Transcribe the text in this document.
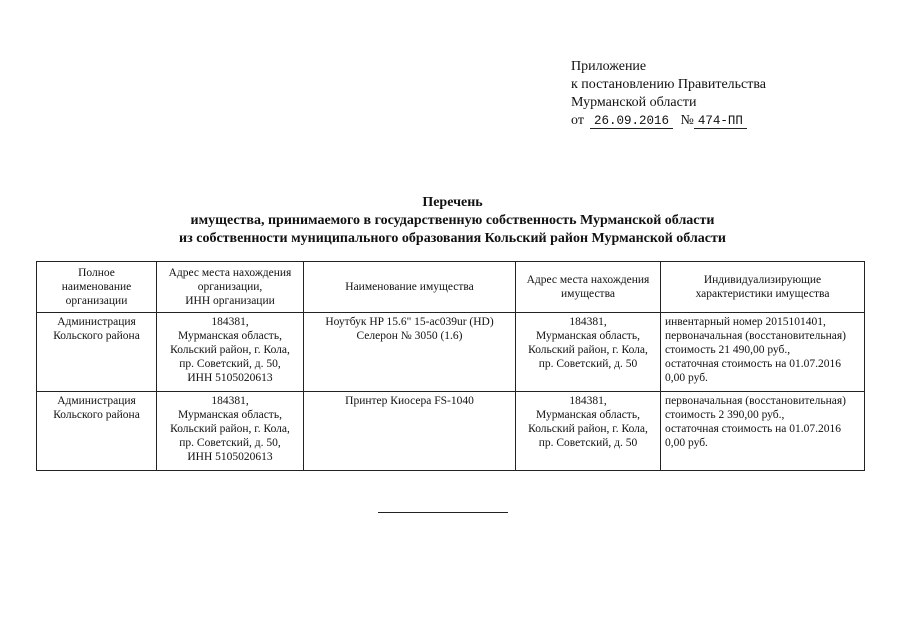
Приложение
к постановлению Правительства
Мурманской области
от 26.09.2016 № 474-ПП
Перечень
имущества, принимаемого в государственную собственность Мурманской области
из собственности муниципального образования Кольский район Мурманской области
Полное
наименование
организации	Адрес места нахождения
организации,
ИНН организации	Наименование имущества	Адрес места нахождения
имущества	Индивидуализирующие
характеристики имущества
Администрация
Кольского района	184381,
Мурманская область,
Кольский район, г. Кола,
пр. Советский, д. 50,
ИНН 5105020613	Ноутбук HP 15.6" 15-ac039ur (HD)
Селерон № 3050 (1.6)	184381,
Мурманская область,
Кольский район, г. Кола,
пр. Советский, д. 50	инвентарный номер 2015101401,
первоначальная (восстановительная)
стоимость 21 490,00 руб.,
остаточная стоимость на 01.07.2016
0,00 руб.
Администрация
Кольского района	184381,
Мурманская область,
Кольский район, г. Кола,
пр. Советский, д. 50,
ИНН 5105020613	Принтер Киосера FS-1040	184381,
Мурманская область,
Кольский район, г. Кола,
пр. Советский, д. 50	первоначальная (восстановительная)
стоимость 2 390,00 руб.,
остаточная стоимость на 01.07.2016
0,00 руб.
